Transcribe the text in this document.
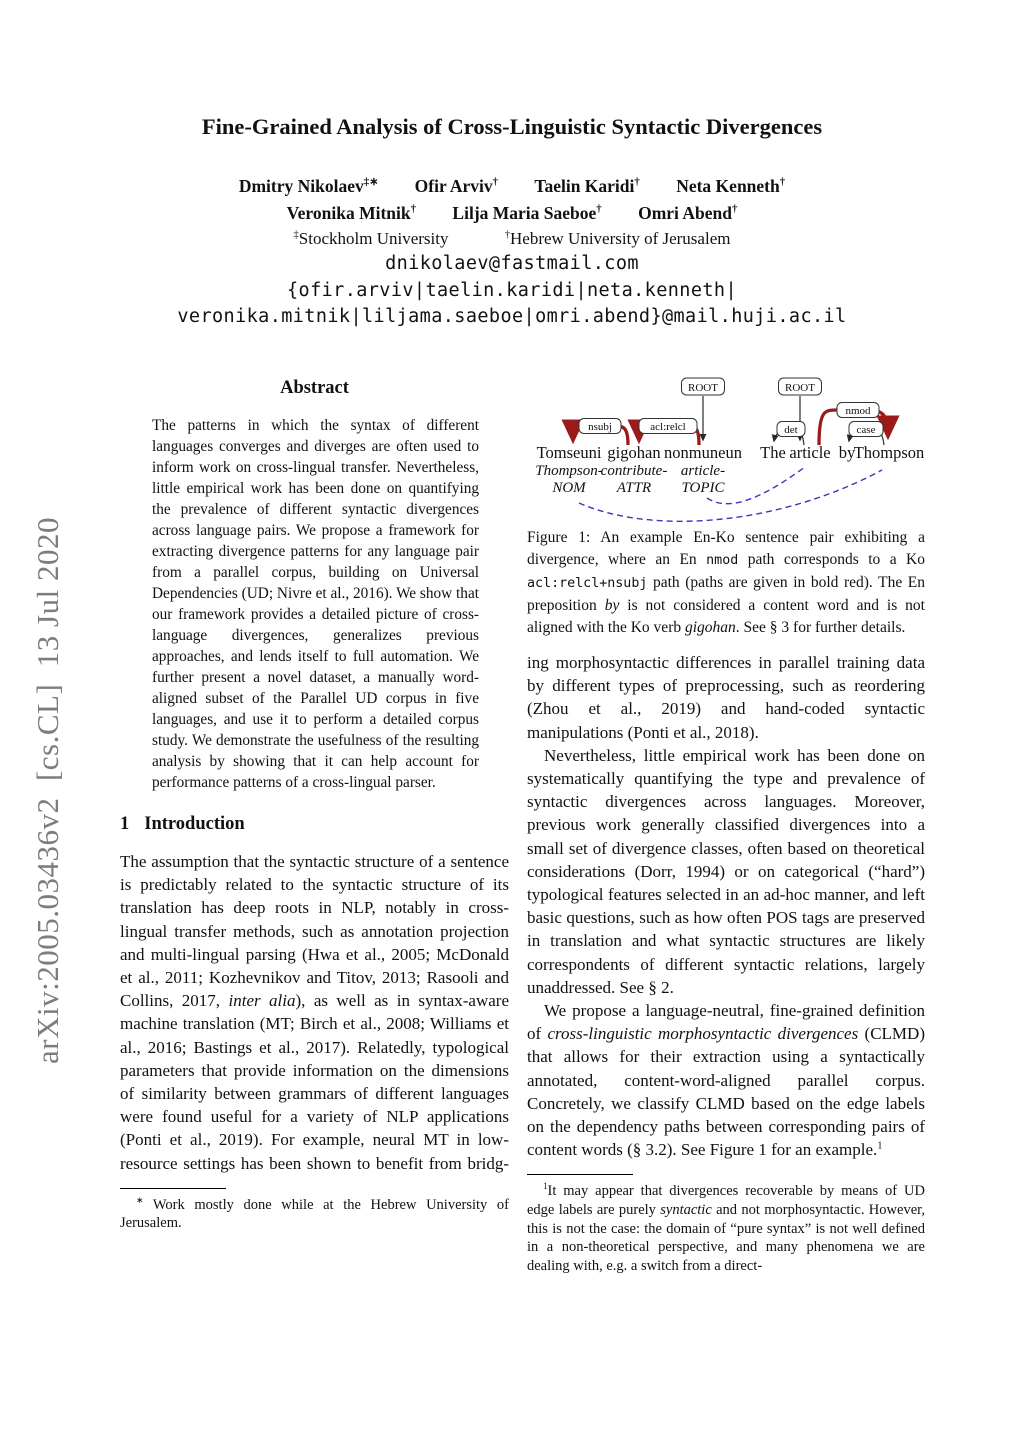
arXiv:2005.03436v2  [cs.CL]  13 Jul 2020
Fine-Grained Analysis of Cross-Linguistic Syntactic Divergences
Dmitry Nikolaev‡∗ Ofir Arviv† Taelin Karidi† Neta Kenneth†
Veronika Mitnik† Lilja Maria Saeboe† Omri Abend†
‡Stockholm University	†Hebrew University of Jerusalem
dnikolaev@fastmail.com
{ofir.arviv|taelin.karidi|neta.kenneth|
veronika.mitnik|liljama.saeboe|omri.abend}@mail.huji.ac.il
Abstract
The patterns in which the syntax of different languages converges and diverges are often used to inform work on cross-lingual transfer. Nevertheless, little empirical work has been done on quantifying the prevalence of different syntactic divergences across language pairs. We propose a framework for extracting divergence patterns for any language pair from a parallel corpus, building on Universal Dependencies (UD; Nivre et al., 2016). We show that our framework provides a detailed picture of cross-language divergences, generalizes previous approaches, and lends itself to full automation. We further present a novel dataset, a manually word-aligned subset of the Parallel UD corpus in five languages, and use it to perform a detailed corpus study. We demonstrate the usefulness of the resulting analysis by showing that it can help account for performance patterns of a cross-lingual parser.
1 Introduction

The assumption that the syntactic structure of a sentence is predictably related to the syntactic structure of its translation has deep roots in NLP, notably in cross-lingual transfer methods, such as annotation projection and multi-lingual parsing (Hwa et al., 2005; McDonald et al., 2011; Kozhevnikov and Titov, 2013; Rasooli and Collins, 2017, inter alia), as well as in syntax-aware machine translation (MT; Birch et al., 2008; Williams et al., 2016; Bastings et al., 2017). Relatedly, typological parameters that provide information on the dimensions of similarity between grammars of different languages were found useful for a variety of NLP applications (Ponti et al., 2019). For example, neural MT in low-resource settings has been shown to benefit from bridg-

∗ Work mostly done while at the Hebrew University of Jerusalem.
ROOT	ROOT
nsubj	acl:relcl	det
nmod
case
Tomseuni
Thompson-
NOM
gigohan
contribute-
ATTR
nonmuneun
article-
TOPIC
The article by
Thompson
Figure 1: An example En-Ko sentence pair exhibiting a divergence, where an En nmod path corresponds to a Ko acl:relcl+nsubj path (paths are given in bold red). The En preposition by is not considered a content word and is not aligned with the Ko verb gigohan. See § 3 for further details.

ing morphosyntactic differences in parallel training data by different types of preprocessing, such as reordering (Zhou et al., 2019) and hand-coded syntactic manipulations (Ponti et al., 2018).

Nevertheless, little empirical work has been done on systematically quantifying the type and prevalence of syntactic divergences across languages. Moreover, previous work generally classified divergences into a small set of divergence classes, often based on theoretical considerations (Dorr, 1994) or on categorical (“hard”) typological features selected in an ad-hoc manner, and left basic questions, such as how often POS tags are preserved in translation and what syntactic structures are likely correspondents of different syntactic relations, largely unaddressed. See § 2.

We propose a language-neutral, fine-grained definition of cross-linguistic morphosyntactic divergences (CLMD) that allows for their extraction using a syntactically annotated, content-word-aligned parallel corpus. Concretely, we classify CLMD based on the edge labels on the dependency paths between corresponding pairs of content words (§ 3.2). See Figure 1 for an example.$^1$

$^1$It may appear that divergences recoverable by means of UD edge labels are purely syntactic and not morphosyntactic. However, this is not the case: the domain of “pure syntax” is not well defined in a non-theoretical perspective, and many phenomena we are dealing with, e.g. a switch from a direct-
